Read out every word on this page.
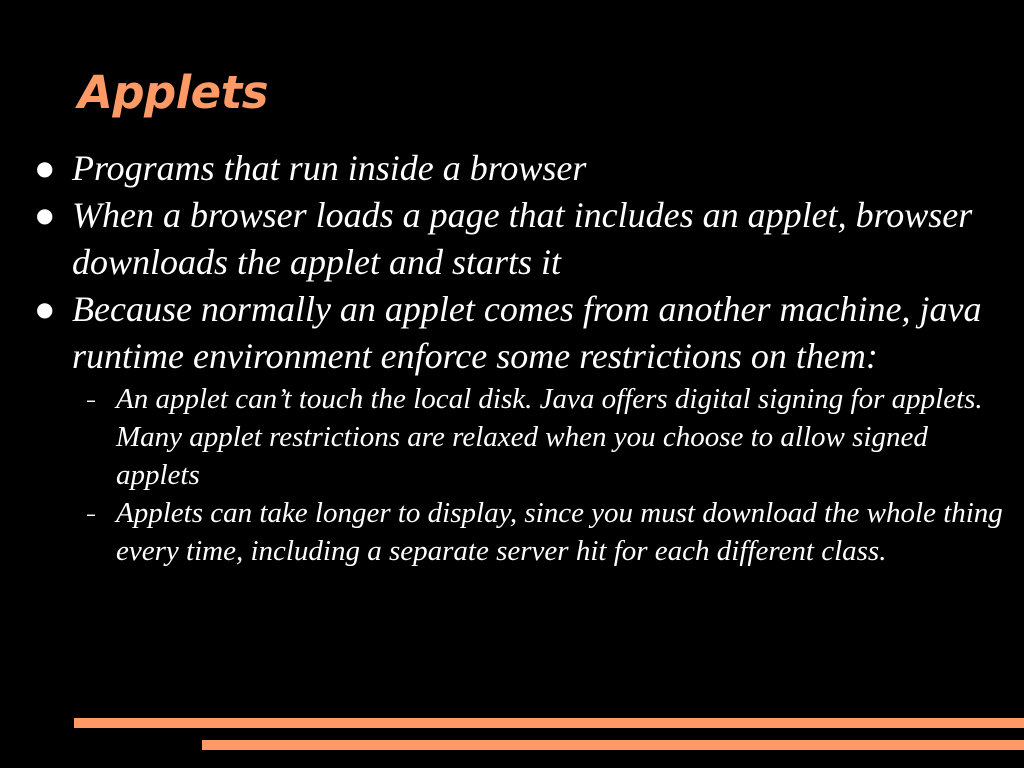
Applets
● Programs that run inside a browser
● When a browser loads a page that includes an applet, browser downloads the applet and starts it
● Because normally an applet comes from another machine, java runtime environment enforce some restrictions on them:
– An applet can’t touch the local disk. Java offers digital signing for applets. Many applet restrictions are relaxed when you choose to allow signed applets
– Applets can take longer to display, since you must download the whole thing every time, including a separate server hit for each different class.
